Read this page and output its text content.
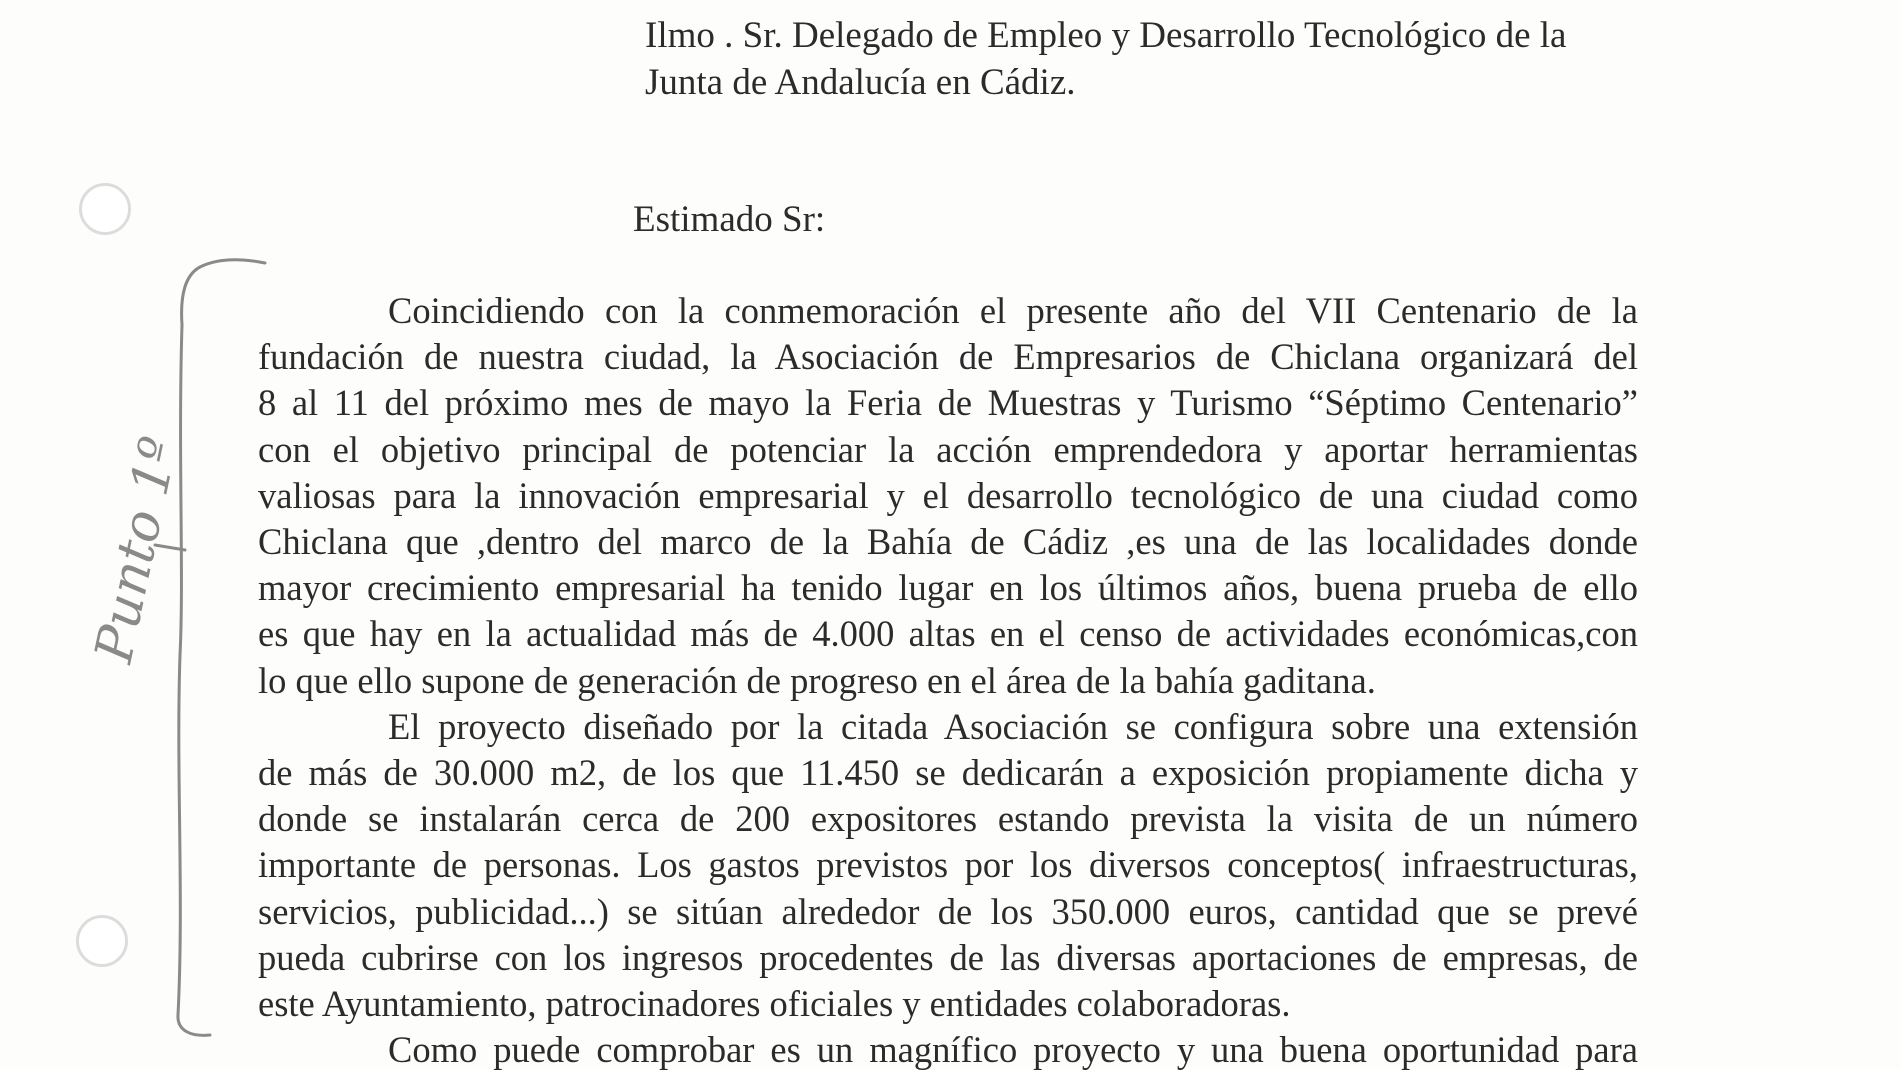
Punto 1º
Ilmo . Sr. Delegado de Empleo y Desarrollo Tecnológico de la
Junta de Andalucía en Cádiz.
Estimado Sr:
Coincidiendo con la conmemoración el presente año del VII Centenario de la
fundación de nuestra ciudad, la Asociación de Empresarios de Chiclana organizará del
8 al 11 del próximo mes de mayo la Feria de Muestras y Turismo “Séptimo Centenario”
con el objetivo principal de potenciar la acción emprendedora y aportar herramientas
valiosas para la innovación empresarial y el desarrollo tecnológico de una ciudad como
Chiclana que ,dentro del marco de la Bahía de Cádiz ,es una de las localidades donde
mayor crecimiento empresarial ha tenido lugar en los últimos años, buena prueba de ello
es que hay en la actualidad más de 4.000 altas en el censo de actividades económicas,con
lo que ello supone de generación de progreso en el área de la bahía gaditana.
El proyecto diseñado por la citada Asociación se configura sobre una extensión
de más de 30.000 m2, de los que 11.450 se dedicarán a exposición propiamente dicha y
donde se instalarán cerca de 200 expositores estando prevista la visita de un número
importante de personas. Los gastos previstos por los diversos conceptos( infraestructuras,
servicios, publicidad...) se sitúan alrededor de los 350.000 euros, cantidad que se prevé
pueda cubrirse con los ingresos procedentes de las diversas aportaciones de empresas, de
este Ayuntamiento, patrocinadores oficiales y entidades colaboradoras.
Como puede comprobar es un magnífico proyecto y una buena oportunidad para
